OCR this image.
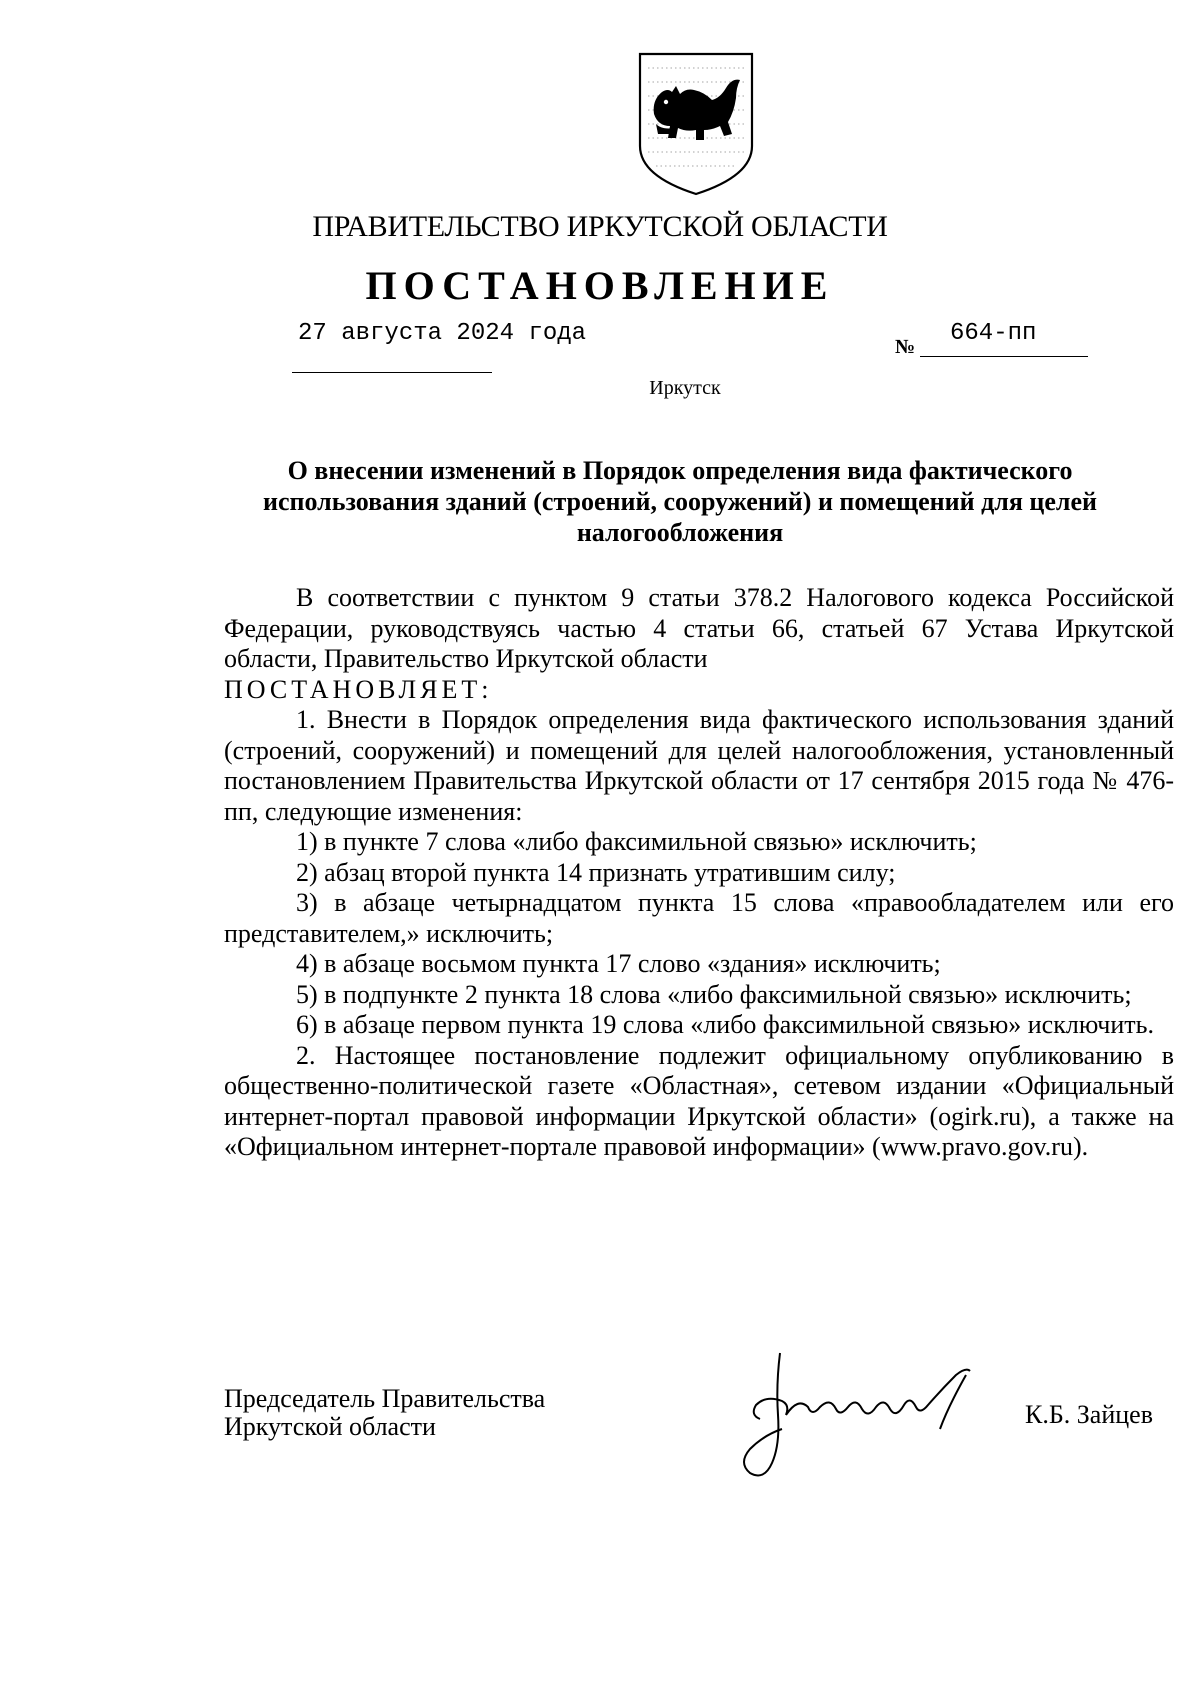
ПРАВИТЕЛЬСТВО ИРКУТСКОЙ ОБЛАСТИ
ПОСТАНОВЛЕНИЕ
27 августа 2024 года	№ 664-пп
Иркутск
О внесении изменений в Порядок определения вида фактического
использования зданий (строений, сооружений) и помещений для целей
налогообложения

В соответствии с пунктом 9 статьи 378.2 Налогового кодекса Российской Федерации, руководствуясь частью 4 статьи 66, статьей 67 Устава Иркутской области, Правительство Иркутской области

ПОСТАНОВЛЯЕТ:

1. Внести в Порядок определения вида фактического использования зданий (строений, сооружений) и помещений для целей налогообложения, установленный постановлением Правительства Иркутской области от 17 сентября 2015 года № 476-пп, следующие изменения:

1) в пункте 7 слова «либо факсимильной связью» исключить;

2) абзац второй пункта 14 признать утратившим силу;

3) в абзаце четырнадцатом пункта 15 слова «правообладателем или его представителем,» исключить;

4) в абзаце восьмом пункта 17 слово «здания» исключить;

5) в подпункте 2 пункта 18 слова «либо факсимильной связью» исключить;

6) в абзаце первом пункта 19 слова «либо факсимильной связью» исключить.

2. Настоящее постановление подлежит официальному опубликованию в общественно-политической газете «Областная», сетевом издании «Официальный интернет-портал правовой информации Иркутской области» (ogirk.ru), а также на «Официальном интернет-портале правовой информации» (www.pravo.gov.ru).

Председатель Правительства
Иркутской области	К.Б. Зайцев
